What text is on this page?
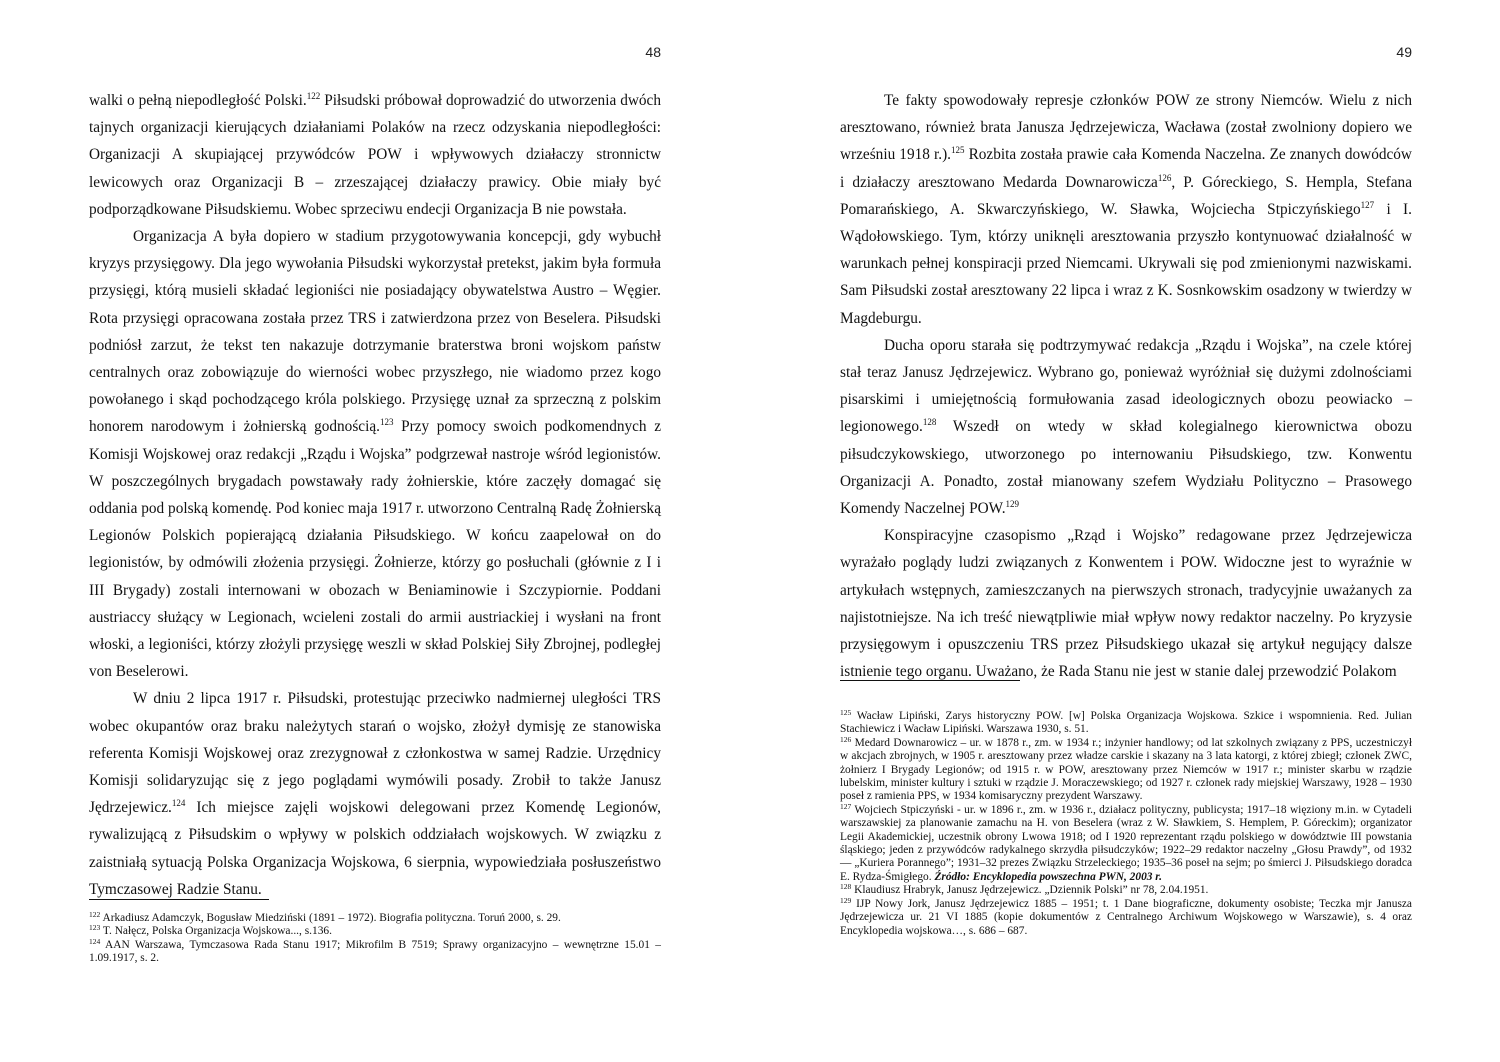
48

walki o pełną niepodległość Polski.$^{122}$ Piłsudski próbował doprowadzić do utworzenia dwóch tajnych organizacji kierujących działaniami Polaków na rzecz odzyskania niepodległości: Organizacji A skupiającej przywódców POW i wpływowych działaczy stronnictw lewicowych oraz Organizacji B – zrzeszającej działaczy prawicy. Obie miały być podporządkowane Piłsudskiemu. Wobec sprzeciwu endecji Organizacja B nie powstała.

Organizacja A była dopiero w stadium przygotowywania koncepcji, gdy wybuchł kryzys przysięgowy. Dla jego wywołania Piłsudski wykorzystał pretekst, jakim była formuła przysięgi, którą musieli składać legioniści nie posiadający obywatelstwa Austro – Węgier. Rota przysięgi opracowana została przez TRS i zatwierdzona przez von Beselera. Piłsudski podniósł zarzut, że tekst ten nakazuje dotrzymanie braterstwa broni wojskom państw centralnych oraz zobowiązuje do wierności wobec przyszłego, nie wiadomo przez kogo powołanego i skąd pochodzącego króla polskiego. Przysięgę uznał za sprzeczną z polskim honorem narodowym i żołnierską godnością.$^{123}$ Przy pomocy swoich podkomendnych z Komisji Wojskowej oraz redakcji „Rządu i Wojska” podgrzewał nastroje wśród legionistów. W poszczególnych brygadach powstawały rady żołnierskie, które zaczęły domagać się oddania pod polską komendę. Pod koniec maja 1917 r. utworzono Centralną Radę Żołnierską Legionów Polskich popierającą działania Piłsudskiego. W końcu zaapelował on do legionistów, by odmówili złożenia przysięgi. Żołnierze, którzy go posłuchali (głównie z I i III Brygady) zostali internowani w obozach w Beniaminowie i Szczypiornie. Poddani austriaccy służący w Legionach, wcieleni zostali do armii austriackiej i wysłani na front włoski, a legioniści, którzy złożyli przysięgę weszli w skład Polskiej Siły Zbrojnej, podległej von Beselerowi.

W dniu 2 lipca 1917 r. Piłsudski, protestując przeciwko nadmiernej uległości TRS wobec okupantów oraz braku należytych starań o wojsko, złożył dymisję ze stanowiska referenta Komisji Wojskowej oraz zrezygnował z członkostwa w samej Radzie. Urzędnicy Komisji solidaryzując się z jego poglądami wymówili posady. Zrobił to także Janusz Jędrzejewicz.$^{124}$ Ich miejsce zajęli wojskowi delegowani przez Komendę Legionów, rywalizującą z Piłsudskim o wpływy w polskich oddziałach wojskowych. W związku z zaistniałą sytuacją Polska Organizacja Wojskowa, 6 sierpnia, wypowiedziała posłuszeństwo Tymczasowej Radzie Stanu.

$^{122}$ Arkadiusz Adamczyk, Bogusław Miedziński (1891 – 1972). Biografia polityczna. Toruń 2000, s. 29.

$^{123}$ T. Nałęcz, Polska Organizacja Wojskowa..., s.136.

$^{124}$ AAN Warszawa, Tymczasowa Rada Stanu 1917; Mikrofilm B 7519; Sprawy organizacyjno – wewnętrzne 15.01 – 1.09.1917, s. 2.

49

Te fakty spowodowały represje członków POW ze strony Niemców. Wielu z nich aresztowano, również brata Janusza Jędrzejewicza, Wacława (został zwolniony dopiero we wrześniu 1918 r.).$^{125}$ Rozbita została prawie cała Komenda Naczelna. Ze znanych dowódców i działaczy aresztowano Medarda Downarowicza$^{126}$, P. Góreckiego, S. Hempla, Stefana Pomarańskiego, A. Skwarczyńskiego, W. Sławka, Wojciecha Stpiczyńskiego$^{127}$ i I. Wądołowskiego. Tym, którzy uniknęli aresztowania przyszło kontynuować działalność w warunkach pełnej konspiracji przed Niemcami. Ukrywali się pod zmienionymi nazwiskami. Sam Piłsudski został aresztowany 22 lipca i wraz z K. Sosnkowskim osadzony w twierdzy w Magdeburgu.

Ducha oporu starała się podtrzymywać redakcja „Rządu i Wojska”, na czele której stał teraz Janusz Jędrzejewicz. Wybrano go, ponieważ wyróżniał się dużymi zdolnościami pisarskimi i umiejętnością formułowania zasad ideologicznych obozu peowiacko – legionowego.$^{128}$ Wszedł on wtedy w skład kolegialnego kierownictwa obozu piłsudczykowskiego, utworzonego po internowaniu Piłsudskiego, tzw. Konwentu Organizacji A. Ponadto, został mianowany szefem Wydziału Polityczno – Prasowego Komendy Naczelnej POW.$^{129}$

Konspiracyjne czasopismo „Rząd i Wojsko” redagowane przez Jędrzejewicza wyrażało poglądy ludzi związanych z Konwentem i POW. Widoczne jest to wyraźnie w artykułach wstępnych, zamieszczanych na pierwszych stronach, tradycyjnie uważanych za najistotniejsze. Na ich treść niewątpliwie miał wpływ nowy redaktor naczelny. Po kryzysie przysięgowym i opuszczeniu TRS przez Piłsudskiego ukazał się artykuł negujący dalsze istnienie tego organu. Uważano, że Rada Stanu nie jest w stanie dalej przewodzić Polakom

$^{125}$ Wacław Lipiński, Zarys historyczny POW. [w] Polska Organizacja Wojskowa. Szkice i wspomnienia. Red. Julian Stachiewicz i Wacław Lipiński. Warszawa 1930, s. 51.

$^{126}$ Medard Downarowicz – ur. w 1878 r., zm. w 1934 r.; inżynier handlowy; od lat szkolnych związany z PPS, uczestniczył w akcjach zbrojnych, w 1905 r. aresztowany przez władze carskie i skazany na 3 lata katorgi, z której zbiegł; członek ZWC, żołnierz I Brygady Legionów; od 1915 r. w POW, aresztowany przez Niemców w 1917 r.; minister skarbu w rządzie lubelskim, minister kultury i sztuki w rządzie J. Moraczewskiego; od 1927 r. członek rady miejskiej Warszawy, 1928 – 1930 poseł z ramienia PPS, w 1934 komisaryczny prezydent Warszawy.

$^{127}$ Wojciech Stpiczyński - ur. w 1896 r., zm. w 1936 r., działacz polityczny, publicysta; 1917–18 więziony m.in. w Cytadeli warszawskiej za planowanie zamachu na H. von Beselera (wraz z W. Sławkiem, S. Hemplem, P. Góreckim); organizator Legii Akademickiej, uczestnik obrony Lwowa 1918; od I 1920 reprezentant rządu polskiego w dowództwie III powstania śląskiego; jeden z przywódców radykalnego skrzydła piłsudczyków; 1922–29 redaktor naczelny „Głosu Prawdy”, od 1932 — „Kuriera Porannego”; 1931–32 prezes Związku Strzeleckiego; 1935–36 poseł na sejm; po śmierci J. Piłsudskiego doradca E. Rydza-Śmigłego. Źródło: Encyklopedia powszechna PWN, 2003 r.

$^{128}$ Klaudiusz Hrabryk, Janusz Jędrzejewicz. „Dziennik Polski” nr 78, 2.04.1951.

$^{129}$ IJP Nowy Jork, Janusz Jędrzejewicz 1885 – 1951; t. 1 Dane biograficzne, dokumenty osobiste; Teczka mjr Janusza Jędrzejewicza ur. 21 VI 1885 (kopie dokumentów z Centralnego Archiwum Wojskowego w Warszawie), s. 4 oraz Encyklopedia wojskowa…, s. 686 – 687.
